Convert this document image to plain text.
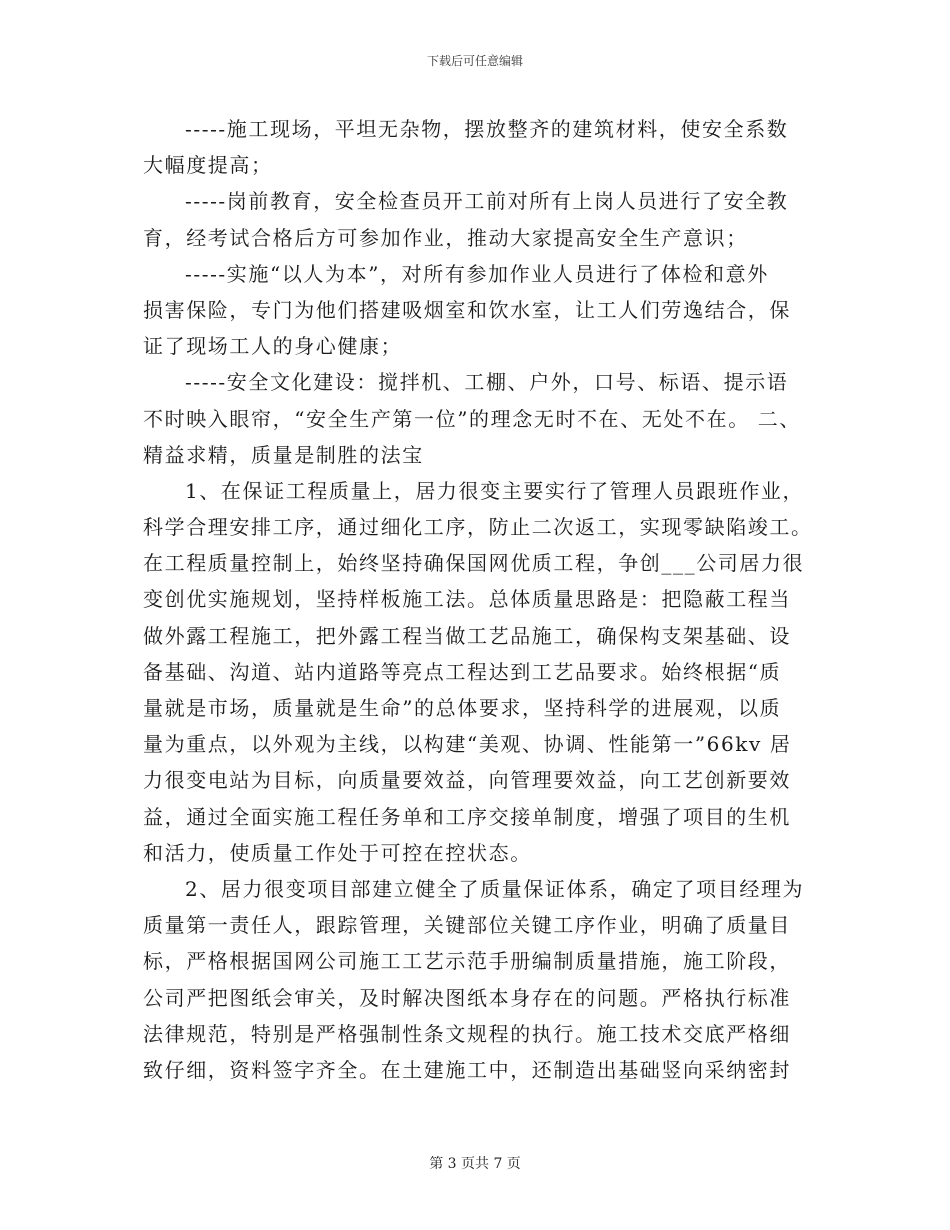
下载后可任意编辑
-----施工现场，平坦无杂物，摆放整齐的建筑材料，使安全系数
大幅度提高；
-----岗前教育，安全检查员开工前对所有上岗人员进行了安全教
育，经考试合格后方可参加作业，推动大家提高安全生产意识；
-----实施“以人为本”，对所有参加作业人员进行了体检和意外
损害保险，专门为他们搭建吸烟室和饮水室，让工人们劳逸结合，保
证了现场工人的身心健康；
-----安全文化建设：搅拌机、工棚、户外，口号、标语、提示语
不时映入眼帘，“安全生产第一位”的理念无时不在、无处不在。 二、
精益求精，质量是制胜的法宝
1、在保证工程质量上，居力很变主要实行了管理人员跟班作业，
科学合理安排工序，通过细化工序，防止二次返工，实现零缺陷竣工。
在工程质量控制上，始终坚持确保国网优质工程，争创___公司居力很
变创优实施规划，坚持样板施工法。总体质量思路是：把隐蔽工程当
做外露工程施工，把外露工程当做工艺品施工，确保构支架基础、设
备基础、沟道、站内道路等亮点工程达到工艺品要求。始终根据“质
量就是市场，质量就是生命”的总体要求，坚持科学的进展观，以质
量为重点，以外观为主线，以构建“美观、协调、性能第一”66kv 居
力很变电站为目标，向质量要效益，向管理要效益，向工艺创新要效
益，通过全面实施工程任务单和工序交接单制度，增强了项目的生机
和活力，使质量工作处于可控在控状态。
2、居力很变项目部建立健全了质量保证体系，确定了项目经理为
质量第一责任人，跟踪管理，关键部位关键工序作业，明确了质量目
标，严格根据国网公司施工工艺示范手册编制质量措施，施工阶段，
公司严把图纸会审关，及时解决图纸本身存在的问题。严格执行标准
法律规范，特别是严格强制性条文规程的执行。施工技术交底严格细
致仔细，资料签字齐全。在土建施工中，还制造出基础竖向采纳密封
第 3 页共 7 页
